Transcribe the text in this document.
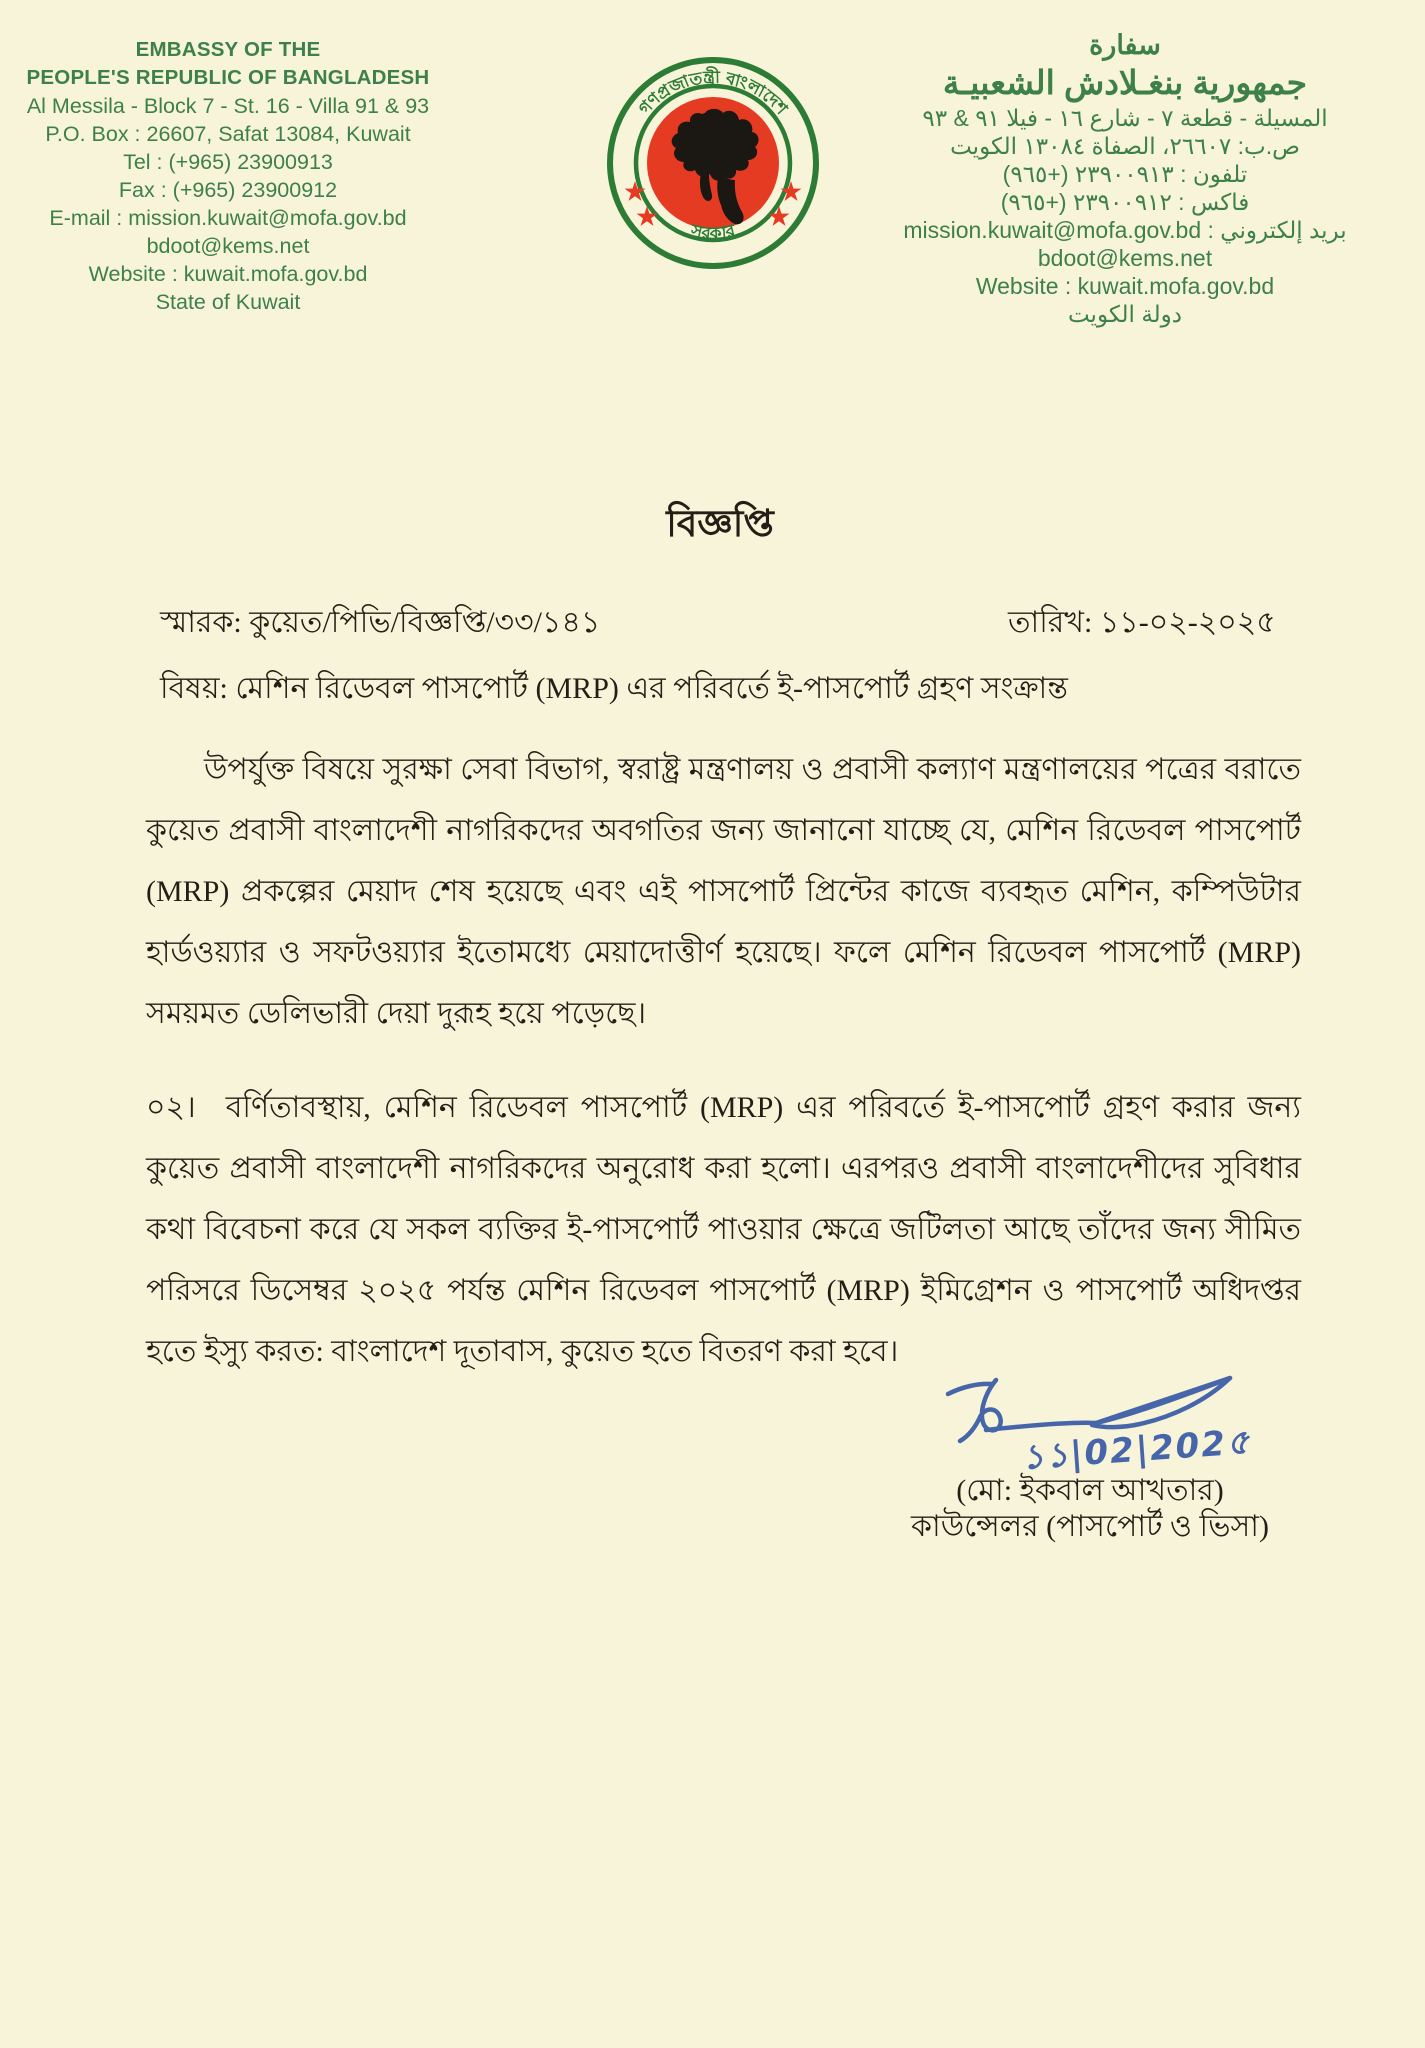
EMBASSY OF THE
PEOPLE'S REPUBLIC OF BANGLADESH
Al Messila - Block 7 - St. 16 - Villa 91 & 93
P.O. Box : 26607, Safat 13084, Kuwait
Tel : (+965) 23900913
Fax : (+965) 23900912
E-mail : mission.kuwait@mofa.gov.bd
bdoot@kems.net
Website : kuwait.mofa.gov.bd
State of Kuwait
গণপ্রজাতন্ত্রী বাংলাদেশ
সরকার
سفارة
جمهورية بنغـلادش الشعبيـة
المسيلة - قطعة ٧ - شارع ١٦ - فيلا ٩١ & ٩٣
ص.ب: ٢٦٦٠٧، الصفاة ١٣٠٨٤ الكويت
تلفون : ٢٣٩٠٠٩١٣ (+٩٦٥)
فاكس : ٢٣٩٠٠٩١٢ (+٩٦٥)
بريد إلكتروني : mission.kuwait@mofa.gov.bd
bdoot@kems.net
Website : kuwait.mofa.gov.bd
دولة الكويت
বিজ্ঞপ্তি
স্মারক: কুয়েত/পিভি/বিজ্ঞপ্তি/৩৩/১৪১	তারিখ: ১১-০২-২০২৫
বিষয়: মেশিন রিডেবল পাসপোর্ট (MRP) এর পরিবর্তে ই-পাসপোর্ট গ্রহণ সংক্রান্ত
উপর্যুক্ত বিষয়ে সুরক্ষা সেবা বিভাগ, স্বরাষ্ট্র মন্ত্রণালয় ও প্রবাসী কল্যাণ মন্ত্রণালয়ের পত্রের বরাতে কুয়েত প্রবাসী বাংলাদেশী নাগরিকদের অবগতির জন্য জানানো যাচ্ছে যে, মেশিন রিডেবল পাসপোর্ট (MRP) প্রকল্পের মেয়াদ শেষ হয়েছে এবং এই পাসপোর্ট প্রিন্টের কাজে ব্যবহৃত মেশিন, কম্পিউটার হার্ডওয়্যার ও সফটওয়্যার ইতোমধ্যে মেয়াদোত্তীর্ণ হয়েছে। ফলে মেশিন রিডেবল পাসপোর্ট (MRP) সময়মত ডেলিভারী দেয়া দুরূহ হয়ে পড়েছে।
০২। বর্ণিতাবস্থায়, মেশিন রিডেবল পাসপোর্ট (MRP) এর পরিবর্তে ই-পাসপোর্ট গ্রহণ করার জন্য কুয়েত প্রবাসী বাংলাদেশী নাগরিকদের অনুরোধ করা হলো। এরপরও প্রবাসী বাংলাদেশীদের সুবিধার কথা বিবেচনা করে যে সকল ব্যক্তির ই-পাসপোর্ট পাওয়ার ক্ষেত্রে জটিলতা আছে তাঁদের জন্য সীমিত পরিসরে ডিসেম্বর ২০২৫ পর্যন্ত মেশিন রিডেবল পাসপোর্ট (MRP) ইমিগ্রেশন ও পাসপোর্ট অধিদপ্তর হতে ইস্যু করত: বাংলাদেশ দূতাবাস, কুয়েত হতে বিতরণ করা হবে।
১১|02|202৫
(মো: ইকবাল আখতার)
কাউন্সেলর (পাসপোর্ট ও ভিসা)
